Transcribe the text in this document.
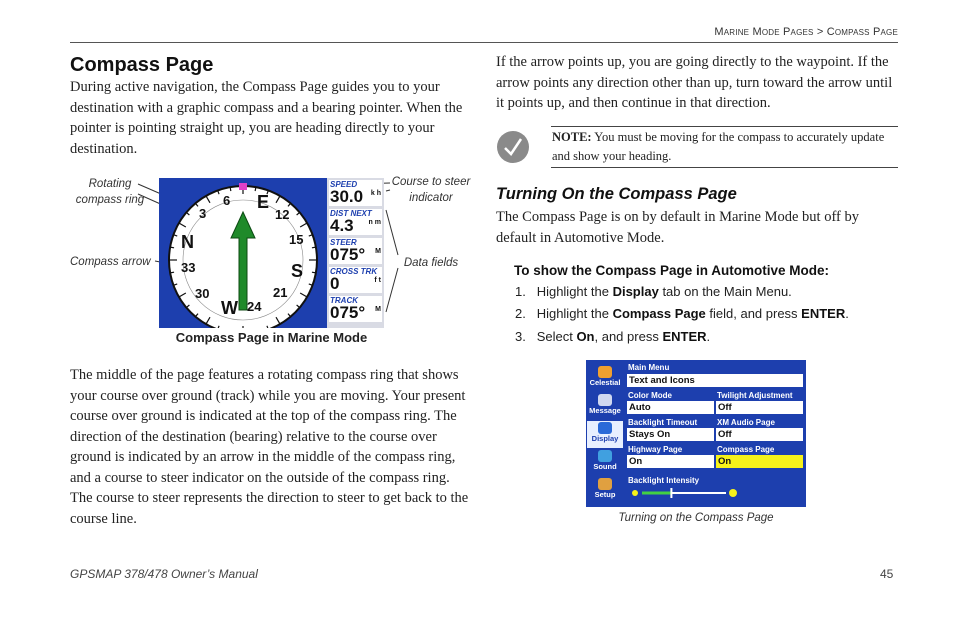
Marine Mode Pages > Compass Page
Compass Page
During active navigation, the Compass Page guides you to your destination with a graphic compass and a bearing pointer. When the pointer is pointing straight up, you are heading directly to your destination.
Rotating compass ring
Compass arrow
Course to steer indicator
Data fields
E
6
3	12
N	15
33	S
30	21
W 24
SPEED
30.0 k h
DIST NEXT
4.3 n m
STEER
075° M
CROSS TRK
0	f t
TRACK
075° M
Compass Page in Marine Mode
The middle of the page features a rotating compass ring that shows your course over ground (track) while you are moving. Your present course over ground is indicated at the top of the compass ring. The direction of the destination (bearing) relative to the course over ground is indicated by an arrow in the middle of the compass ring, and a course to steer indicator on the outside of the compass ring. The course to steer represents the direction to steer to get back to the course line.
If the arrow points up, you are going directly to the waypoint. If the arrow points any direction other than up, turn toward the arrow until it points up, and then continue in that direction.
NOTE: You must be moving for the compass to accurately update and show your heading.
Turning On the Compass Page
The Compass Page is on by default in Marine Mode but off by default in Automotive Mode.
To show the Compass Page in Automotive Mode:
1. Highlight the Display tab on the Main Menu.
2. Highlight the Compass Page field, and press ENTER.
3. Select On, and press ENTER.
Celestial
Message
Display
Sound
Setup
Main Menu
Text and Icons
Color Mode
Auto
Twilight Adjustment
Off
Backlight Timeout
Stays On
XM Audio Page
Off
Highway Page
On
Compass Page
On
Backlight Intensity
Turning on the Compass Page
GPSMAP 378/478 Owner’s Manual	45
